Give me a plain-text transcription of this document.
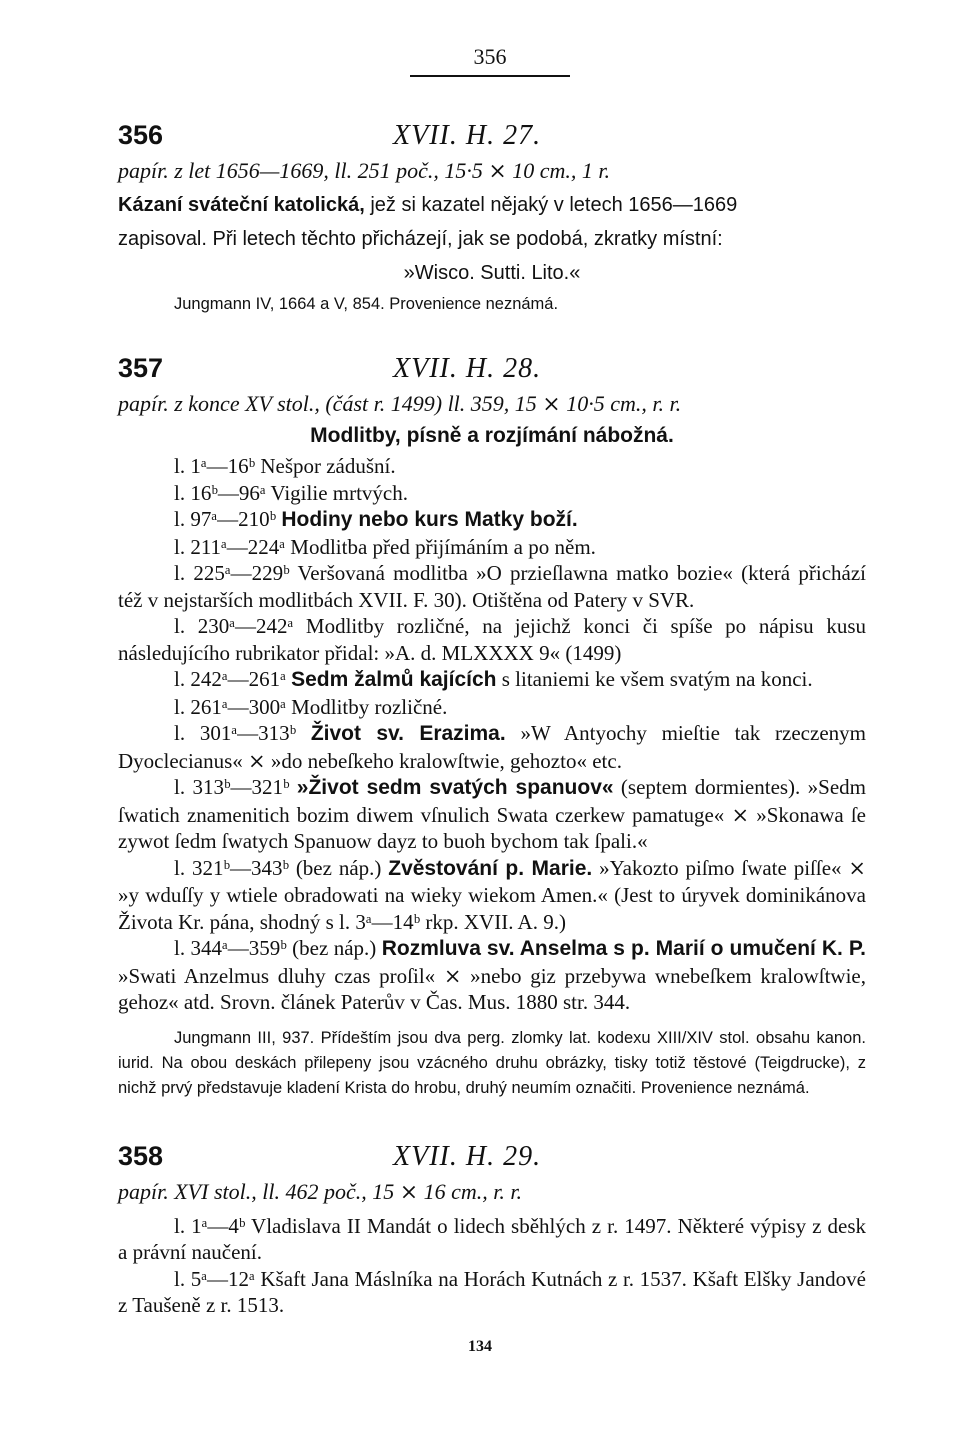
356
356	XVII. H. 27.
papír. z let 1656—1669, ll. 251 poč., 15·5 ⨯ 10 cm., 1 r.
Kázaní sváteční katolická, jež si kazatel nějaký v letech 1656—1669
zapisoval. Při letech těchto přicházejí, jak se podobá, zkratky místní:
»Wisco. Sutti. Lito.«

Jungmann IV, 1664 a V, 854. Provenience neznámá.

357	XVII. H. 28.
papír. z konce XV stol., (část r. 1499) ll. 359, 15 ⨯ 10·5 cm., r. r.
Modlitby, písně a rozjímání nábožná.

l. 1ᵃ—16ᵇ Nešpor zádušní.

l. 16ᵇ—96ᵃ Vigilie mrtvých.

l. 97ᵃ—210ᵇ Hodiny nebo kurs Matky boží.

l. 211ᵃ—224ᵃ Modlitba před přijímáním a po něm.

l. 225ᵃ—229ᵇ Veršovaná modlitba »O przieſlawna matko bozie« (která přichází též v nejstarších modlitbách XVII. F. 30). Otištěna od Patery v SVR.

l. 230ᵃ—242ᵃ Modlitby rozličné, na jejichž konci či spíše po nápisu kusu následujícího rubrikator přidal: »A. d. MLXXXX 9« (1499)

l. 242ᵃ—261ᵃ Sedm žalmů kajících s litaniemi ke všem svatým na konci.

l. 261ᵃ—300ᵃ Modlitby rozličné.

l. 301ᵃ—313ᵇ Život sv. Erazima. »W Antyochy mieſtie tak rzeczenym Dyoclecianus« ⨯ »do nebeſkeho kralowſtwie, gehozto« etc.

l. 313ᵇ—321ᵇ »Život sedm svatých spanuov« (septem dormientes). »Sedm ſwatich znamenitich bozim diwem vſnulich Swata czerkew pamatuge« ⨯ »Skonawa ſe zywot ſedm ſwatych Spanuow dayz to buoh bychom tak ſpali.«

l. 321ᵇ—343ᵇ (bez náp.) Zvěstování p. Marie. »Yakozto piſmo ſwate piſſe« ⨯ »y wduſſy y wtiele obradowati na wieky wiekom Amen.« (Jest to úryvek dominikánova Života Kr. pána, shodný s l. 3ᵃ—14ᵇ rkp. XVII. A. 9.)

l. 344ᵃ—359ᵇ (bez náp.) Rozmluva sv. Anselma s p. Marií o umučení K. P. »Swati Anzelmus dluhy czas proſil« ⨯ »nebo giz przebywa wnebeſkem kralowſtwie, gehoz« atd. Srovn. článek Paterův v Čas. Mus. 1880 str. 344.

Jungmann III, 937. Přídeštím jsou dva perg. zlomky lat. kodexu XIII/XIV stol. obsahu kanon. iurid. Na obou deskách přilepeny jsou vzácného druhu obrázky, tisky totiž těstové (Teigdrucke), z nichž prvý představuje kladení Krista do hrobu, druhý neumím označiti. Provenience neznámá.

358	XVII. H. 29.
papír. XVI stol., ll. 462 poč., 15 ⨯ 16 cm., r. r.

l. 1ᵃ—4ᵇ Vladislava II Mandát o lidech sběhlých z r. 1497. Některé výpisy z desk a právní naučení.

l. 5ᵃ—12ᵃ Kšaft Jana Máslníka na Horách Kutnách z r. 1537. Kšaft Elšky Jandové z Taušeně z r. 1513.

134
